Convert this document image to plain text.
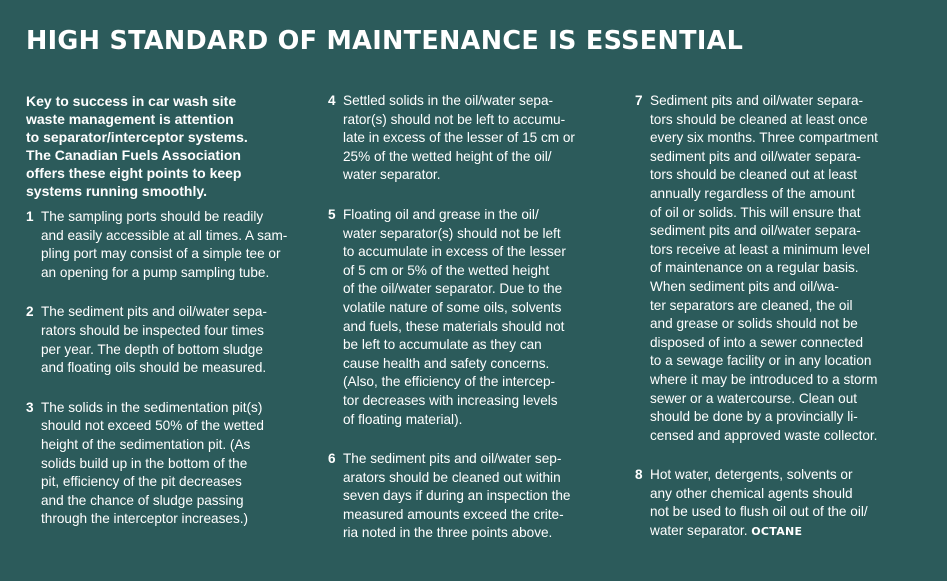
HIGH STANDARD OF MAINTENANCE IS ESSENTIAL
Key to success in car wash site
waste management is attention
to separator/interceptor systems.
The Canadian Fuels Association
offers these eight points to keep
systems running smoothly.
1 The sampling ports should be readily
and easily accessible at all times. A sam-
pling port may consist of a simple tee or
an opening for a pump sampling tube.
2 The sediment pits and oil/water sepa-
rators should be inspected four times
per year. The depth of bottom sludge
and floating oils should be measured.
3 The solids in the sedimentation pit(s)
should not exceed 50% of the wetted
height of the sedimentation pit. (As
solids build up in the bottom of the
pit, efficiency of the pit decreases
and the chance of sludge passing
through the interceptor increases.)
4 Settled solids in the oil/water sepa-
rator(s) should not be left to accumu-
late in excess of the lesser of 15 cm or
25% of the wetted height of the oil/
water separator.
5 Floating oil and grease in the oil/
water separator(s) should not be left
to accumulate in excess of the lesser
of 5 cm or 5% of the wetted height
of the oil/water separator. Due to the
volatile nature of some oils, solvents
and fuels, these materials should not
be left to accumulate as they can
cause health and safety concerns.
(Also, the efficiency of the intercep-
tor decreases with increasing levels
of floating material).
6 The sediment pits and oil/water sep-
arators should be cleaned out within
seven days if during an inspection the
measured amounts exceed the crite-
ria noted in the three points above.
7 Sediment pits and oil/water separa-
tors should be cleaned at least once
every six months. Three compartment
sediment pits and oil/water separa-
tors should be cleaned out at least
annually regardless of the amount
of oil or solids. This will ensure that
sediment pits and oil/water separa-
tors receive at least a minimum level
of maintenance on a regular basis.
When sediment pits and oil/wa-
ter separators are cleaned, the oil
and grease or solids should not be
disposed of into a sewer connected
to a sewage facility or in any location
where it may be introduced to a storm
sewer or a watercourse. Clean out
should be done by a provincially li-
censed and approved waste collector.
8 Hot water, detergents, solvents or
any other chemical agents should
not be used to flush oil out of the oil/
water separator. OCTANE
